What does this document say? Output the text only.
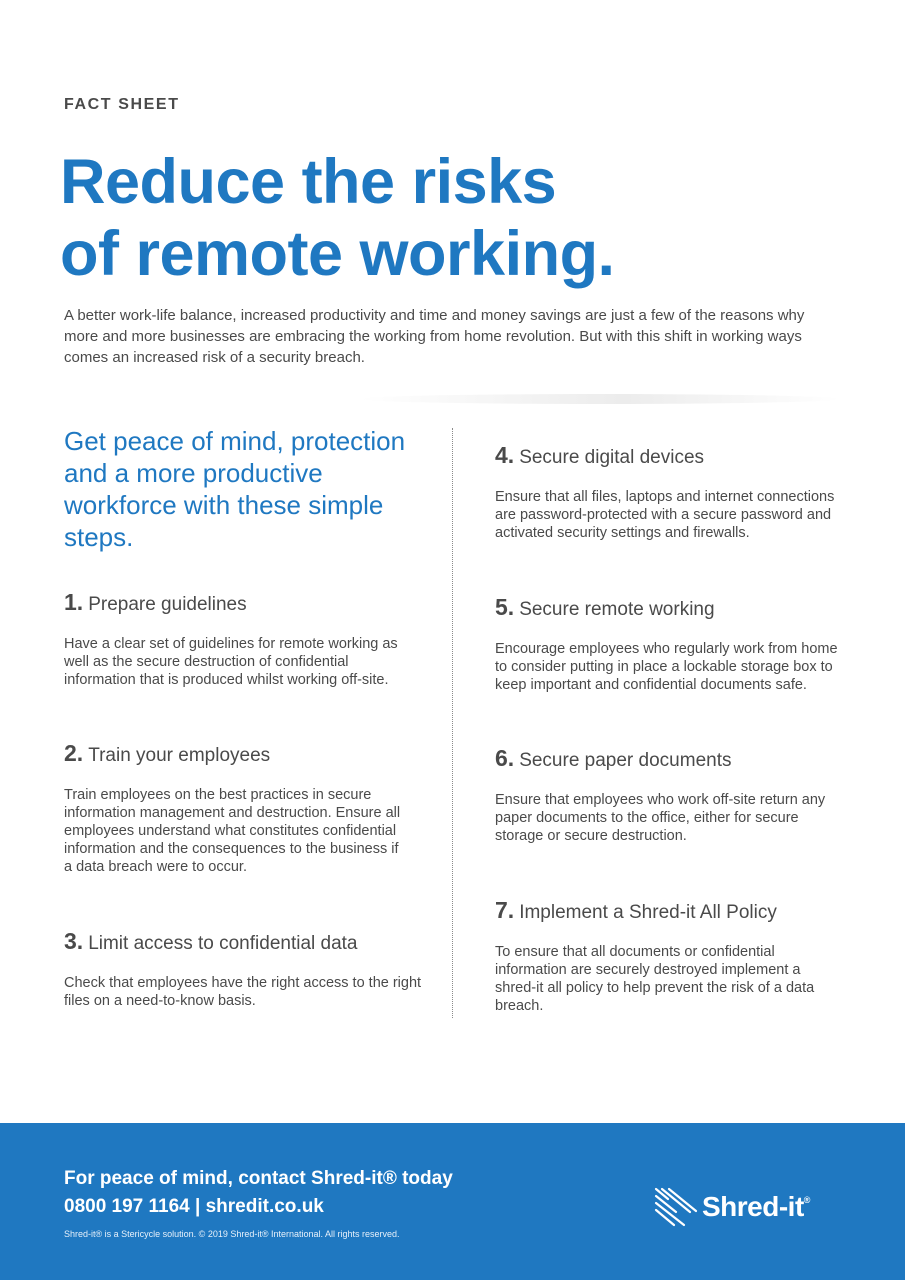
FACT SHEET
Reduce the risks
of remote working.

A better work-life balance, increased productivity and time and money savings are just a few of the reasons why more and more businesses are embracing the working from home revolution. But with this shift in working ways comes an increased risk of a security breach.

Get peace of mind, protection and a more productive workforce with these simple steps.
1. Prepare guidelines

Have a clear set of guidelines for remote working as well as the secure destruction of confidential information that is produced whilst working off-site.

2. Train your employees

Train employees on the best practices in secure information management and destruction. Ensure all employees understand what constitutes confidential information and the consequences to the business if a data breach were to occur.

3. Limit access to confidential data

Check that employees have the right access to the right files on a need-to-know basis.

4. Secure digital devices

Ensure that all files, laptops and internet connections are password-protected with a secure password and activated security settings and firewalls.

5. Secure remote working

Encourage employees who regularly work from home to consider putting in place a lockable storage box to keep important and confidential documents safe.

6. Secure paper documents

Ensure that employees who work off-site return any paper documents to the office, either for secure storage or secure destruction.

7. Implement a Shred-it All Policy

To ensure that all documents or confidential information are securely destroyed implement a shred-it all policy to help prevent the risk of a data breach.

For peace of mind, contact Shred-it® today
0800 197 1164 | shredit.co.uk
Shred-it® is a Stericycle solution. © 2019 Shred-it® International. All rights reserved.
Shred-it®
